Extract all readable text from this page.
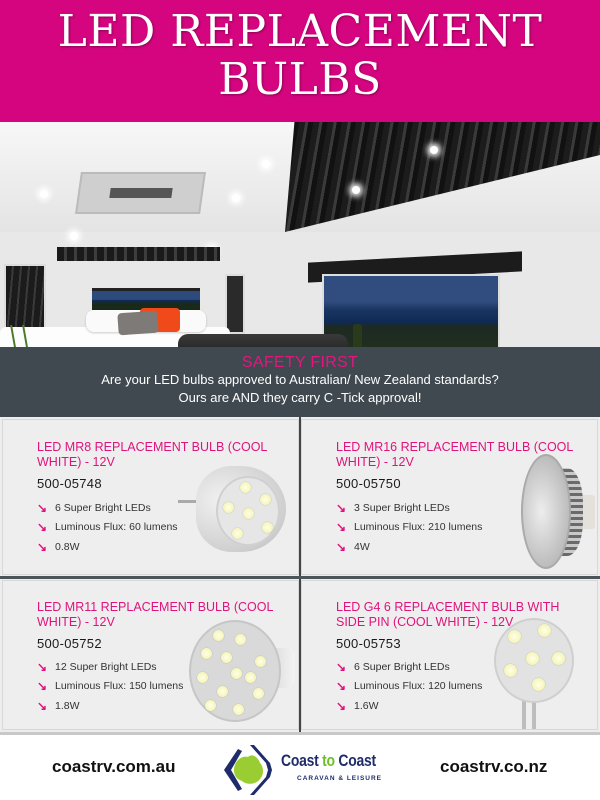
LED REPLACEMENT
BULBS
SAFETY FIRST
Are your LED bulbs approved to Australian/ New Zealand standards?
Ours are AND they carry C -Tick approval!
LED MR8 REPLACEMENT BULB (COOL WHITE) - 12V
500-05748
↘ 6 Super Bright LEDs
↘ Luminous Flux: 60 lumens
↘ 0.8W
LED MR16 REPLACEMENT BULB (COOL WHITE) - 12V
500-05750
↘ 3 Super Bright LEDs
↘ Luminous Flux: 210 lumens
↘ 4W
LED MR11 REPLACEMENT BULB (COOL WHITE) - 12V
500-05752
↘ 12 Super Bright LEDs
↘ Luminous Flux: 150 lumens
↘ 1.8W
LED G4 6 REPLACEMENT BULB WITH SIDE PIN (COOL WHITE) - 12V
500-05753
↘ 6 Super Bright LEDs
↘ Luminous Flux: 120 lumens
↘ 1.6W
coastrv.com.au	Coast to Coast
CARAVAN & LEISURE
coastrv.co.nz
